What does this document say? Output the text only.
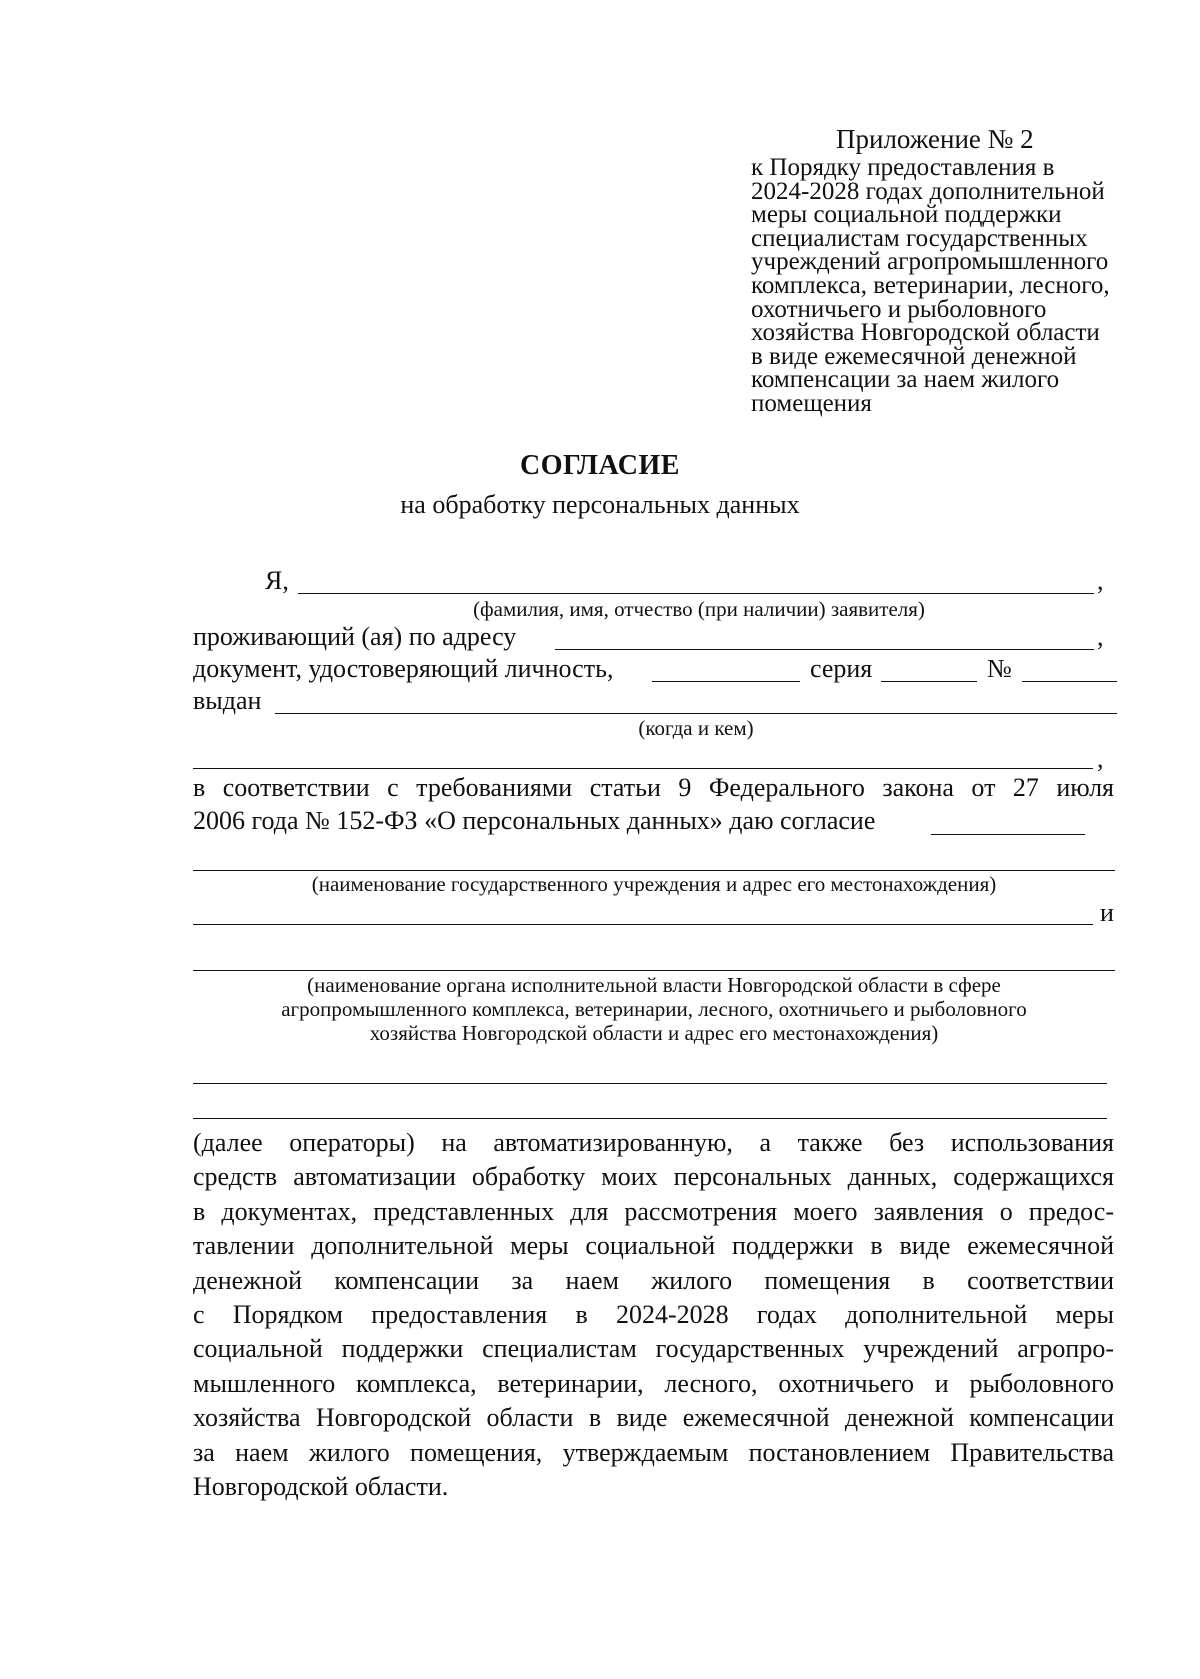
Приложение № 2
к Порядку предоставления в
2024-2028 годах дополнительной
меры социальной поддержки
специалистам государственных
учреждений агропромышленного
комплекса, ветеринарии, лесного,
охотничьего и рыболовного
хозяйства Новгородской области
в виде ежемесячной денежной
компенсации за наем жилого
помещения
СОГЛАСИЕ
на обработку персональных данных
Я,	,
(фамилия, имя, отчество (при наличии) заявителя)
проживающий (ая) по адресу	,
документ, удостоверяющий личность,	серия	№
выдан
(когда и кем)
,
в соответствии с требованиями статьи 9 Федерального закона от 27 июля
2006 года № 152-ФЗ «О персональных данных» даю согласие
(наименование государственного учреждения и адрес его местонахождения)
и
(наименование органа исполнительной власти Новгородской области в сфере
агропромышленного комплекса, ветеринарии, лесного, охотничьего и рыболовного
хозяйства Новгородской области и адрес его местонахождения)
(далее операторы) на автоматизированную, а также без использования
средств автоматизации обработку моих персональных данных, содержащихся
в документах, представленных для рассмотрения моего заявления о предос-
тавлении дополнительной меры социальной поддержки в виде ежемесячной
денежной компенсации за наем жилого помещения в соответствии
с Порядком предоставления в 2024-2028 годах дополнительной меры
социальной поддержки специалистам государственных учреждений агропро-
мышленного комплекса, ветеринарии, лесного, охотничьего и рыболовного
хозяйства Новгородской области в виде ежемесячной денежной компенсации
за наем жилого помещения, утверждаемым постановлением Правительства
Новгородской области.
